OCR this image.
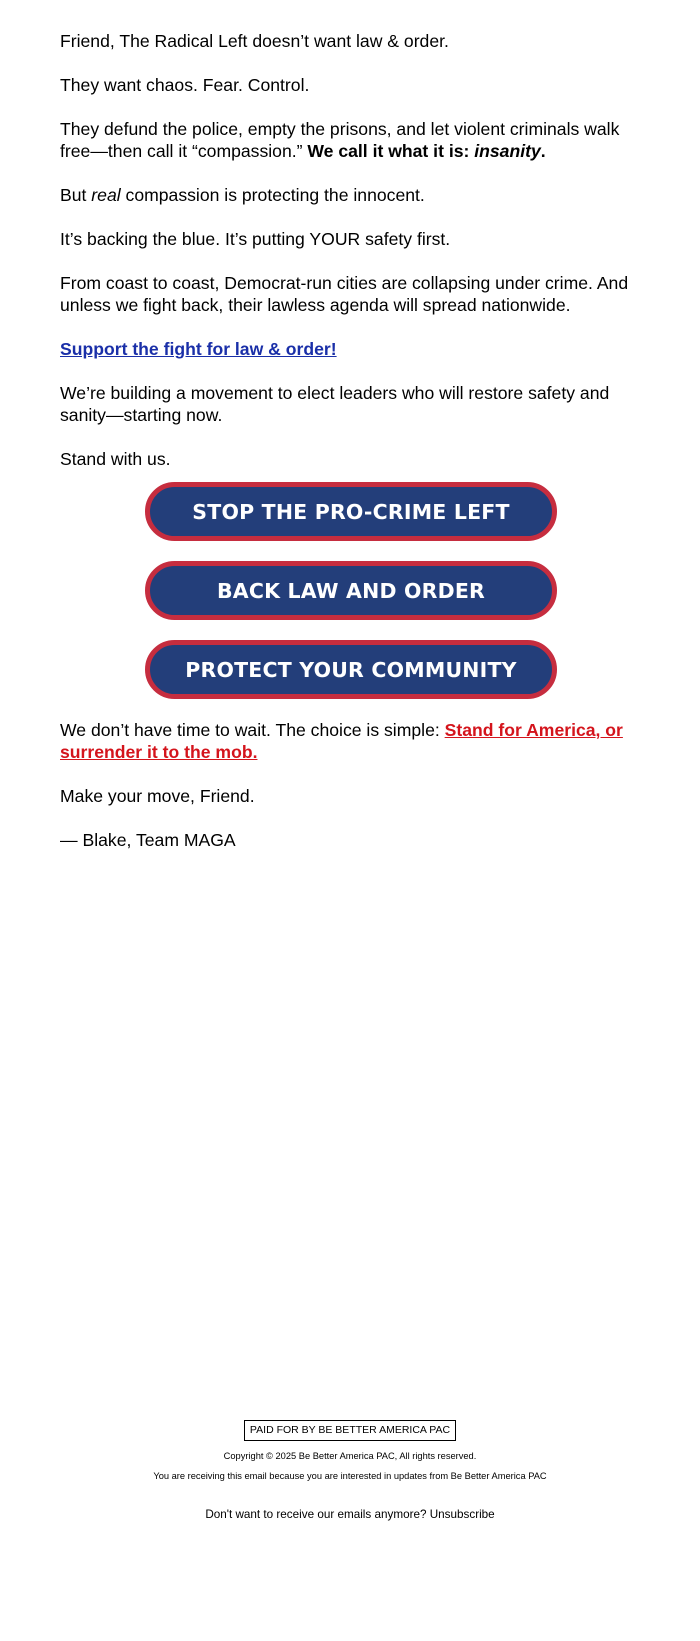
Friend, The Radical Left doesn’t want law & order.

They want chaos. Fear. Control.

They defund the police, empty the prisons, and let violent criminals walk free—then call it “compassion.” We call it what it is: insanity.

But real compassion is protecting the innocent.

It’s backing the blue. It’s putting YOUR safety first.

From coast to coast, Democrat-run cities are collapsing under crime. And unless we fight back, their lawless agenda will spread nationwide.

Support the fight for law & order!

We’re building a movement to elect leaders who will restore safety and sanity—starting now.

Stand with us.

STOP THE PRO-CRIME LEFT
BACK LAW AND ORDER
PROTECT YOUR COMMUNITY

We don’t have time to wait. The choice is simple: Stand for America, or surrender it to the mob.

Make your move, Friend.

— Blake, Team MAGA

PAID FOR BY BE BETTER AMERICA PAC
Copyright © 2025 Be Better America PAC, All rights reserved.
You are receiving this email because you are interested in updates from Be Better America PAC
Don't want to receive our emails anymore? Unsubscribe
